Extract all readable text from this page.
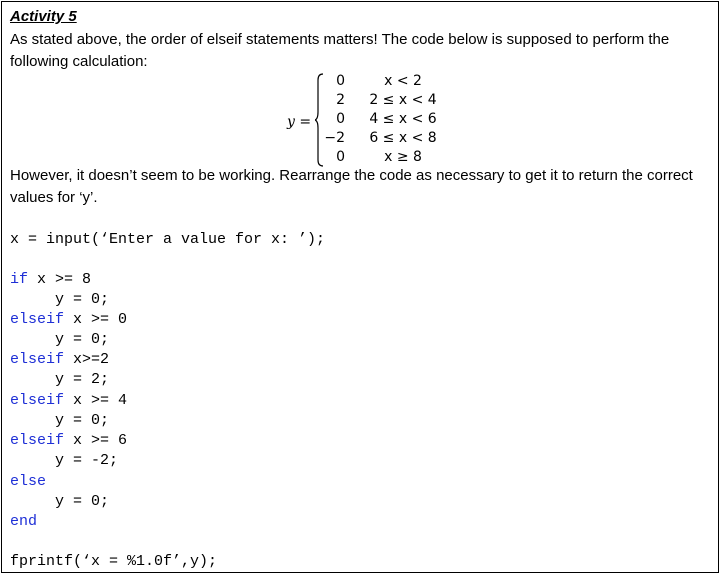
Activity 5
As stated above, the order of elseif statements matters! The code below is supposed to perform the following calculation:
y =
0	x < 2
2	2 ≤ x < 4
0	4 ≤ x < 6
−2	6 ≤ x < 8
0	x ≥ 8
However, it doesn’t seem to be working. Rearrange the code as necessary to get it to return the correct values for ‘y’.
x = input(‘Enter a value for x: ’);
if x >= 8
y = 0;
elseif x >= 0
y = 0;
elseif x>=2
y = 2;
elseif x >= 4
y = 0;
elseif x >= 6
y = -2;
else
y = 0;
end
fprintf(‘x = %1.0f’,y);
